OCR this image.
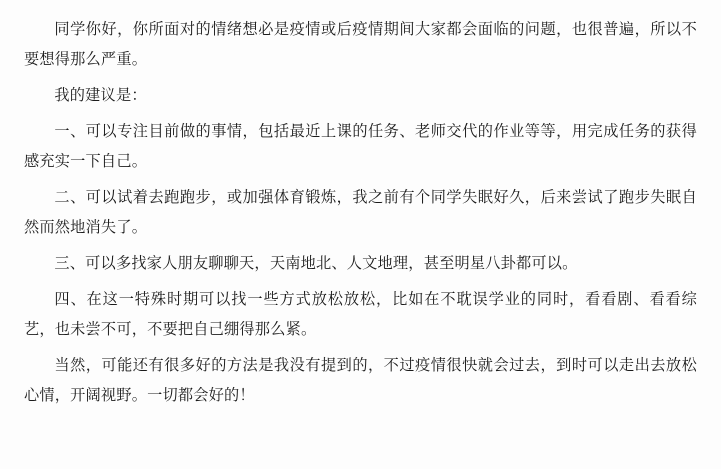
同学你好，你所面对的情绪想必是疫情或后疫情期间大家都会面临的问题，也很普遍，所以不要想得那么严重。

我的建议是：

一、可以专注目前做的事情，包括最近上课的任务、老师交代的作业等等，用完成任务的获得感充实一下自己。

二、可以试着去跑跑步，或加强体育锻炼，我之前有个同学失眠好久，后来尝试了跑步失眠自然而然地消失了。

三、可以多找家人朋友聊聊天，天南地北、人文地理，甚至明星八卦都可以。

四、在这一特殊时期可以找一些方式放松放松，比如在不耽误学业的同时，看看剧、看看综艺，也未尝不可，不要把自己绷得那么紧。

当然，可能还有很多好的方法是我没有提到的，不过疫情很快就会过去，到时可以走出去放松心情，开阔视野。一切都会好的！
